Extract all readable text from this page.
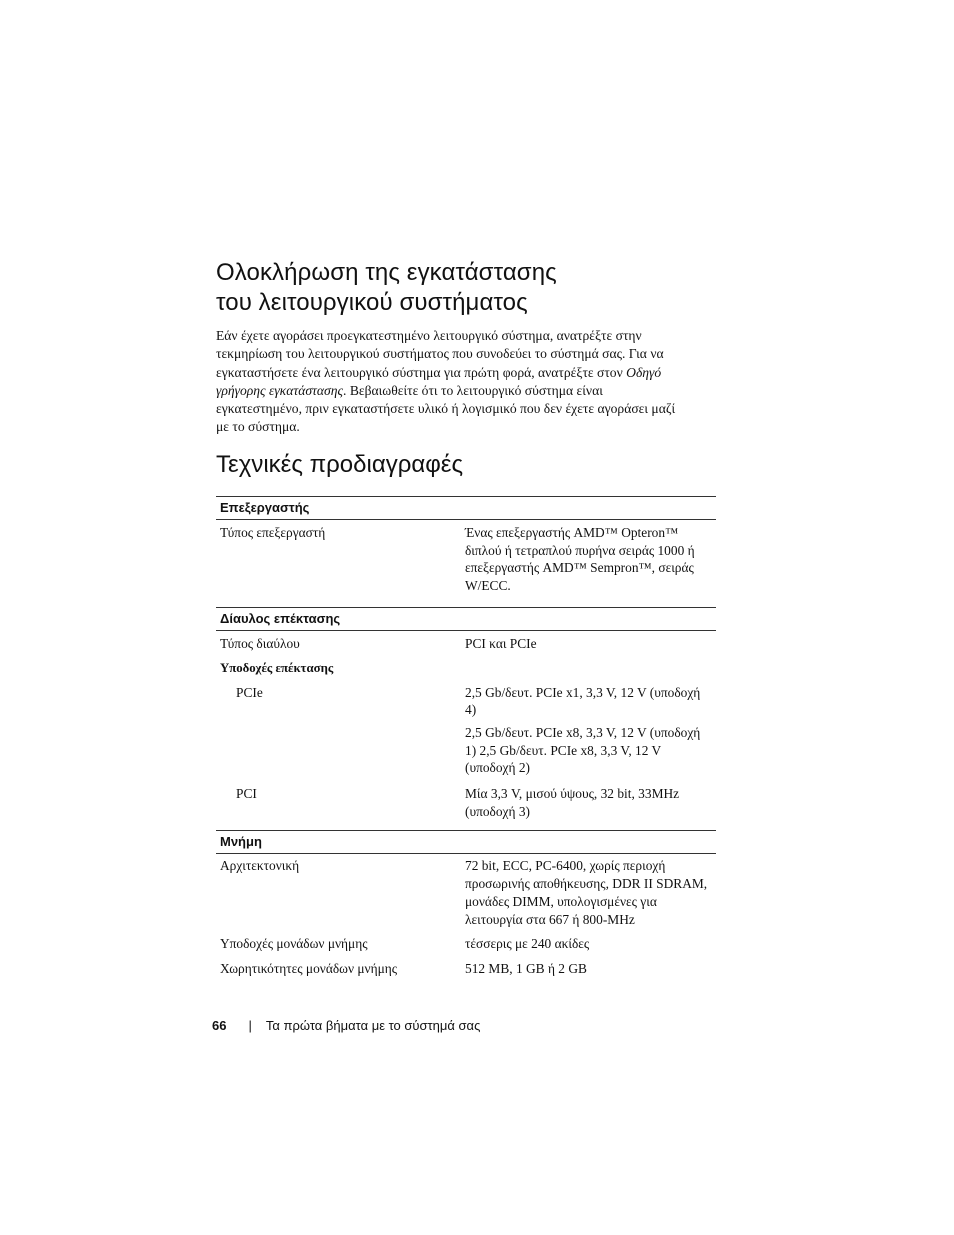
Ολοκλήρωση της εγκατάστασης
του λειτουργικού συστήματος

Εάν έχετε αγοράσει προεγκατεστημένο λειτουργικό σύστημα, ανατρέξτε στην τεκμηρίωση του λειτουργικού συστήματος που συνοδεύει το σύστημά σας. Για να εγκαταστήσετε ένα λειτουργικό σύστημα για πρώτη φορά, ανατρέξτε στον Οδηγό γρήγορης εγκατάστασης. Βεβαιωθείτε ότι το λειτουργικό σύστημα είναι εγκατεστημένο, πριν εγκαταστήσετε υλικό ή λογισμικό που δεν έχετε αγοράσει μαζί με το σύστημα.

Τεχνικές προδιαγραφές
Επεξεργαστής
Τύπος επεξεργαστή	Ένας επεξεργαστής AMD™ Opteron™ διπλού ή τετραπλού πυρήνα σειράς 1000 ή επεξεργαστής AMD™ Sempron™, σειράς W/ECC.
Δίαυλος επέκτασης
Τύπος διαύλου	PCI και PCIe
Υποδοχές επέκτασης
PCIe	2,5 Gb/δευτ. PCIe x1, 3,3 V, 12 V (υποδοχή 4)
2,5 Gb/δευτ. PCIe x8, 3,3 V, 12 V (υποδοχή 1) 2,5 Gb/δευτ. PCIe x8, 3,3 V, 12 V (υποδοχή 2)
PCI	Μία 3,3 V, μισού ύψους, 32 bit, 33MHz (υποδοχή 3)
Μνήμη
Αρχιτεκτονική	72 bit, ECC, PC-6400, χωρίς περιοχή προσωρινής αποθήκευσης, DDR II SDRAM, μονάδες DIMM, υπολογισμένες για λειτουργία στα 667 ή 800-MHz
Υποδοχές μονάδων μνήμης	τέσσερις με 240 ακίδες
Χωρητικότητες μονάδων μνήμης	512 MB, 1 GB ή 2 GB
66 | Τα πρώτα βήματα με το σύστημά σας
